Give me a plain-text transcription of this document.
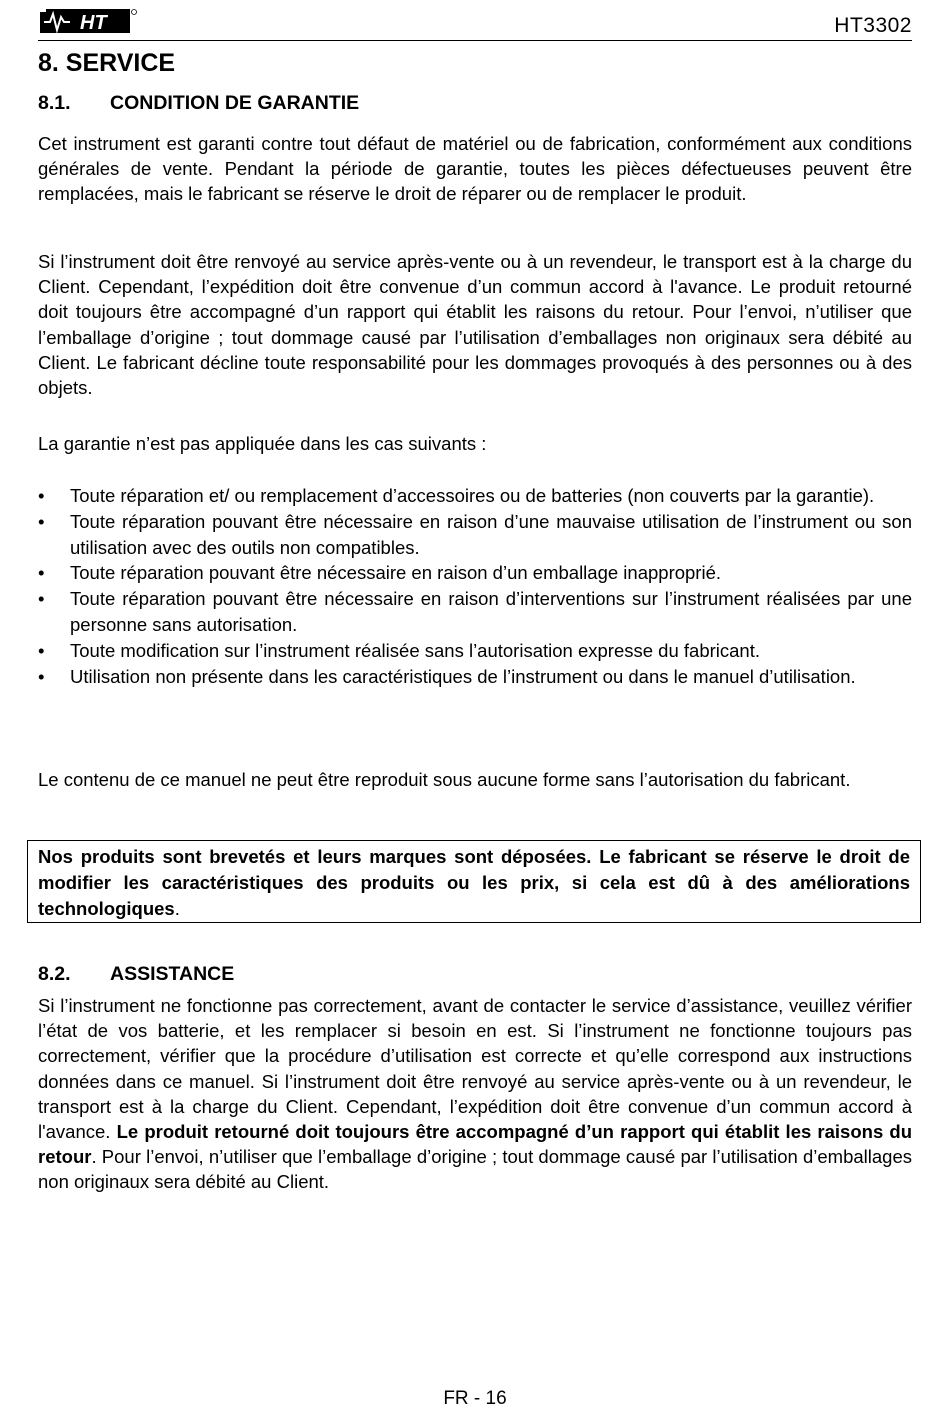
HT	HT3302
8. SERVICE
8.1. CONDITION DE GARANTIE

Cet instrument est garanti contre tout défaut de matériel ou de fabrication, conformément aux conditions générales de vente. Pendant la période de garantie, toutes les pièces défectueuses peuvent être remplacées, mais le fabricant se réserve le droit de réparer ou de remplacer le produit.

Si l’instrument doit être renvoyé au service après-vente ou à un revendeur, le transport est à la charge du Client. Cependant, l’expédition doit être convenue d’un commun accord à l'avance. Le produit retourné doit toujours être accompagné d’un rapport qui établit les raisons du retour. Pour l’envoi, n’utiliser que l’emballage d’origine ; tout dommage causé par l’utilisation d’emballages non originaux sera débité au Client. Le fabricant décline toute responsabilité pour les dommages provoqués à des personnes ou à des objets.

La garantie n’est pas appliquée dans les cas suivants :

• Toute réparation et/ ou remplacement d’accessoires ou de batteries (non couverts par la garantie).
• Toute réparation pouvant être nécessaire en raison d’une mauvaise utilisation de l’instrument ou son utilisation avec des outils non compatibles.
• Toute réparation pouvant être nécessaire en raison d’un emballage inapproprié.
• Toute réparation pouvant être nécessaire en raison d’interventions sur l’instrument réalisées par une personne sans autorisation.
• Toute modification sur l’instrument réalisée sans l’autorisation expresse du fabricant.
• Utilisation non présente dans les caractéristiques de l’instrument ou dans le manuel d’utilisation.

Le contenu de ce manuel ne peut être reproduit sous aucune forme sans l’autorisation du fabricant.

Nos produits sont brevetés et leurs marques sont déposées. Le fabricant se réserve le droit de modifier les caractéristiques des produits ou les prix, si cela est dû à des améliorations technologiques.
8.2. ASSISTANCE

Si l’instrument ne fonctionne pas correctement, avant de contacter le service d’assistance, veuillez vérifier l’état de vos batterie, et les remplacer si besoin en est. Si l’instrument ne fonctionne toujours pas correctement, vérifier que la procédure d’utilisation est correcte et qu’elle correspond aux instructions données dans ce manuel. Si l’instrument doit être renvoyé au service après-vente ou à un revendeur, le transport est à la charge du Client. Cependant, l’expédition doit être convenue d’un commun accord à l'avance. Le produit retourné doit toujours être accompagné d’un rapport qui établit les raisons du retour. Pour l’envoi, n’utiliser que l’emballage d’origine ; tout dommage causé par l’utilisation d’emballages non originaux sera débité au Client.

FR - 16
